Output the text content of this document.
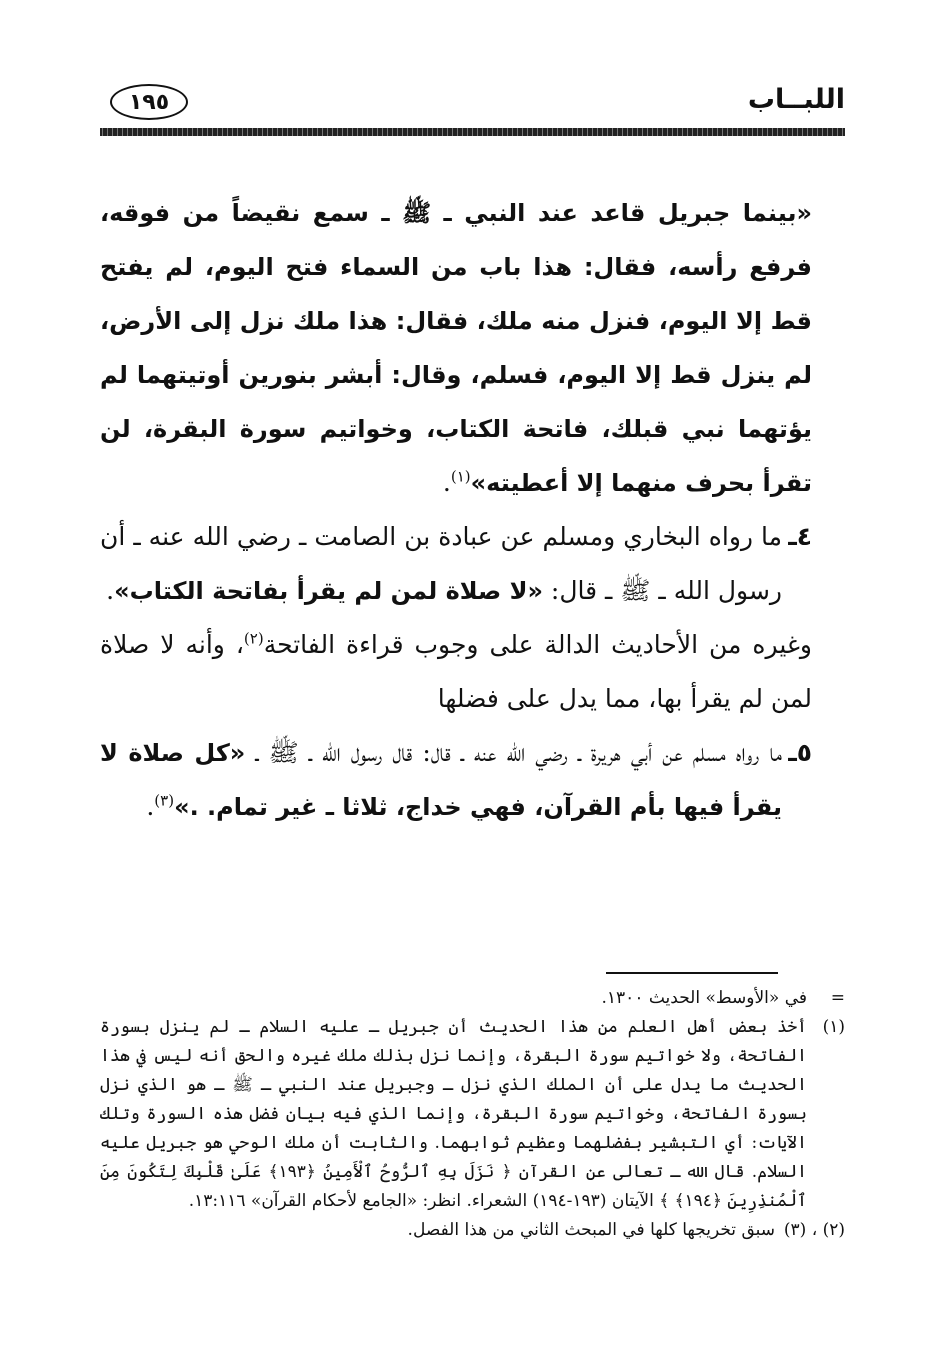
اللبــاب
١٩٥

«بينما جبريل قاعد عند النبي ـ ﷺ ـ سمع نقيضاً من فوقه، فرفع رأسه، فقال: هذا باب من السماء فتح اليوم، لم يفتح قط إلا اليوم، فنزل منه ملك، فقال: هذا ملك نزل إلى الأرض، لم ينزل قط إلا اليوم، فسلم، وقال: أبشر بنورين أوتيتهما لم يؤتهما نبي قبلك، فاتحة الكتاب، وخواتيم سورة البقرة، لن تقرأ بحرف منهما إلا أعطيته»$^{(١)}$.

٤ـ
ما رواه البخاري ومسلم عن عبادة بن الصامت ـ رضي الله عنه ـ أن رسول الله ـ ﷺ ـ قال: «لا صلاة لمن لم يقرأ بفاتحة الكتاب».

وغيره من الأحاديث الدالة على وجوب قراءة الفاتحة$^{(٢)}$، وأنه لا صلاة لمن لم يقرأ بها، مما يدل على فضلها

٥ـ
ما رواه مسلم عن أبي هريرة ـ رضي الله عنه ـ قال: قال رسول الله ـ ﷺ ـ «كل صلاة لا يقرأ فيها بأم القرآن، فهي خداج، ثلاثا ـ غير تمام. .»$^{(٣)}$.
=
في «الأوسط» الحديث ١٣٠٠.
(١)
أخذ بعض أهل العلم من هذا الحديث أن جبريل ـ عليه السلام ـ لم ينزل بسورة الفاتحة، ولا خواتيم سورة البقرة، وإنما نزل بذلك ملك غيره والحق أنه ليس في هذا الحديث ما يدل على أن الملك الذي نزل ـ وجبريل عند النبي ـ ﷺ ـ هو الذي نزل بسورة الفاتحة، وخواتيم سورة البقرة، وإنما الذي فيه بيان فضل هذه السورة وتلك الآيات: أي التبشير بفضلهما وعظيم ثوابهما. والثابت أن ملك الوحي هو جبريل عليه السلام. قال الله ـ تعالى عن القرآن ﴿ نَزَلَ بِهِ ٱلرُّوحُ ٱلْأَمِينُ ﴿١٩٣﴾ عَلَىٰ قَلْبِكَ لِتَكُونَ مِنَ ٱلْمُنذِرِينَ ﴿١٩٤﴾ ﴾ الآيتان (١٩٣-١٩٤) الشعراء. انظر: «الجامع لأحكام القرآن» ١٣:١١٦.
(٢) ، (٣)
سبق تخريجها كلها في المبحث الثاني من هذا الفصل.
